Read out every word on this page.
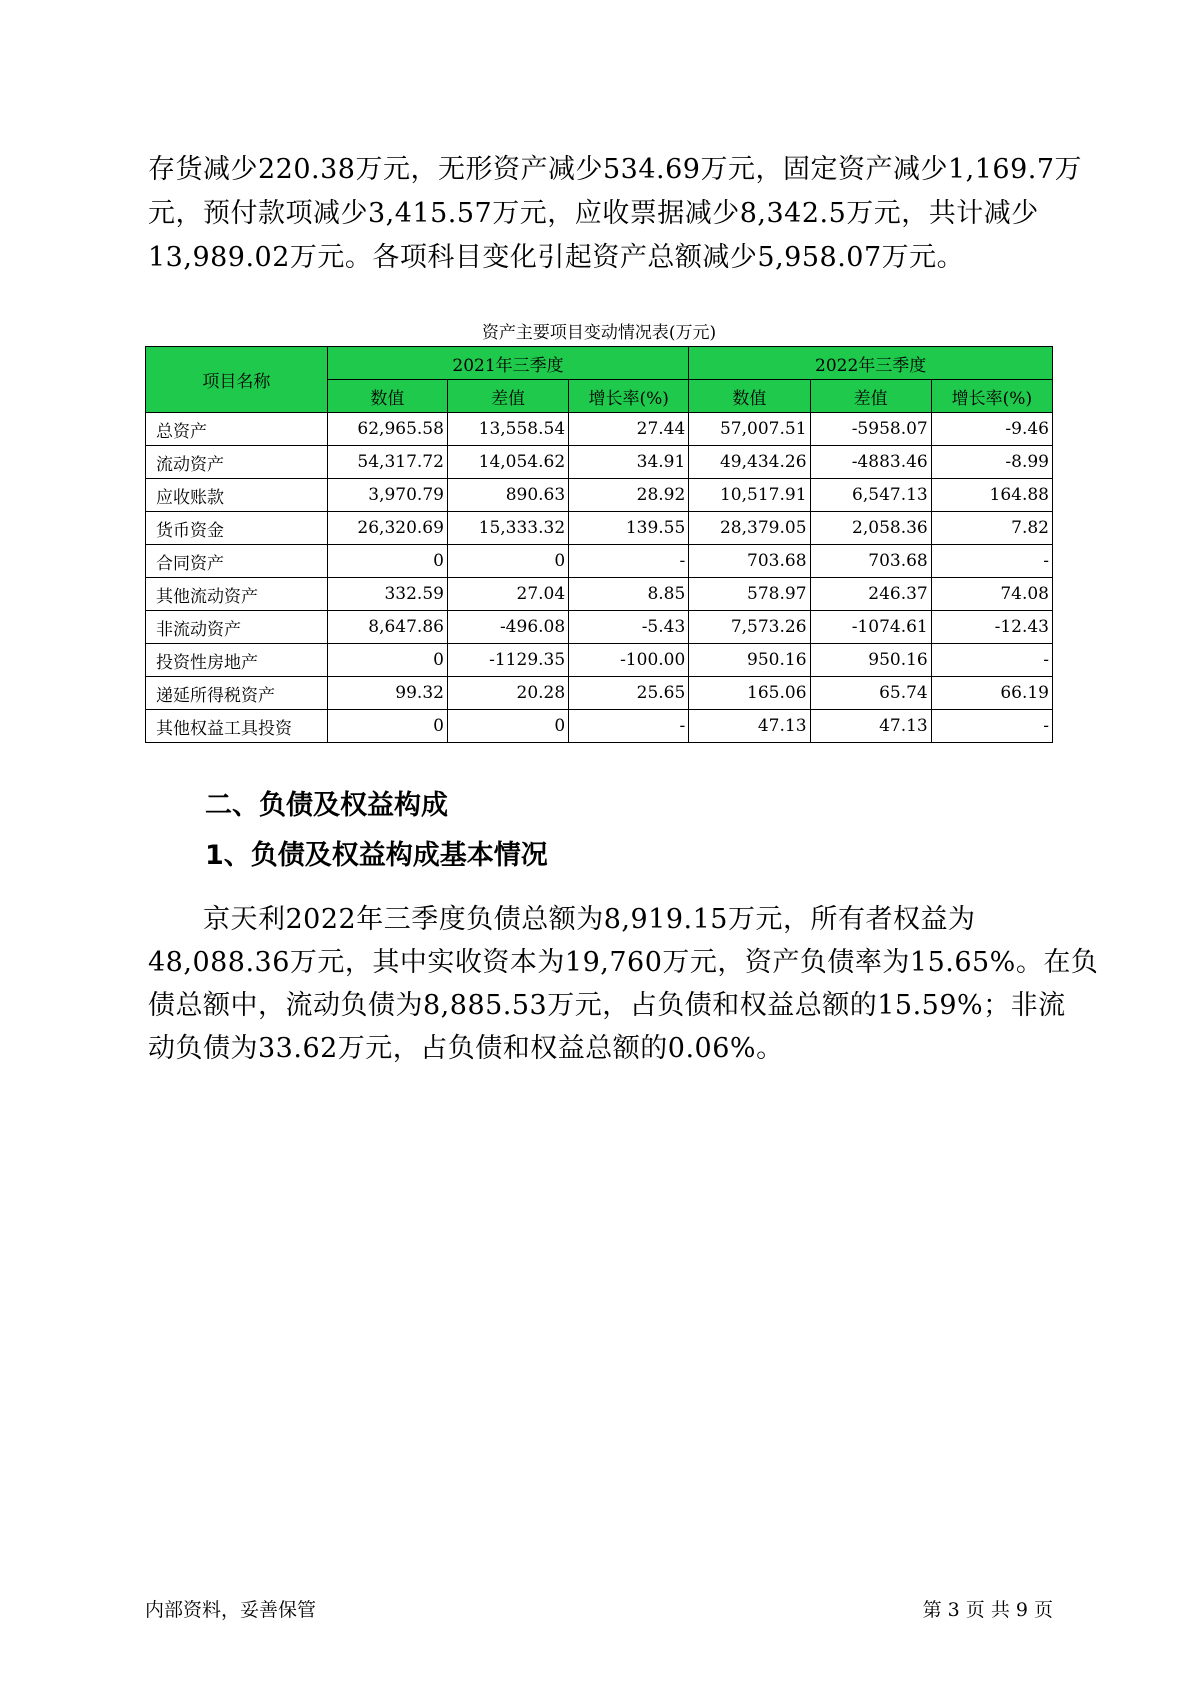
存货减少220.38万元，无形资产减少534.69万元，固定资产减少1,169.7万

元，预付款项减少3,415.57万元，应收票据减少8,342.5万元，共计减少

13,989.02万元。各项科目变化引起资产总额减少5,958.07万元。

资产主要项目变动情况表(万元)
项目名称	2021年三季度			2022年三季度		
	数值	差值	增长率(%)	数值	差值	增长率(%)
总资产	62,965.58	13,558.54	27.44	57,007.51	-5958.07	-9.46
流动资产	54,317.72	14,054.62	34.91	49,434.26	-4883.46	-8.99
应收账款	3,970.79	890.63	28.92	10,517.91	6,547.13	164.88
货币资金	26,320.69	15,333.32	139.55	28,379.05	2,058.36	7.82
合同资产	0	0	-	703.68	703.68	-
其他流动资产	332.59	27.04	8.85	578.97	246.37	74.08
非流动资产	8,647.86	-496.08	-5.43	7,573.26	-1074.61	-12.43
投资性房地产	0	-1129.35	-100.00	950.16	950.16	-
递延所得税资产	99.32	20.28	25.65	165.06	65.74	66.19
其他权益工具投资	0	0	-	47.13	47.13	-
二、负债及权益构成
1、负债及权益构成基本情况

　　京天利2022年三季度负债总额为8,919.15万元，所有者权益为

48,088.36万元，其中实收资本为19,760万元，资产负债率为15.65%。在负

债总额中，流动负债为8,885.53万元，占负债和权益总额的15.59%；非流

动负债为33.62万元，占负债和权益总额的0.06%。

内部资料，妥善保管	第 3 页 共 9 页
